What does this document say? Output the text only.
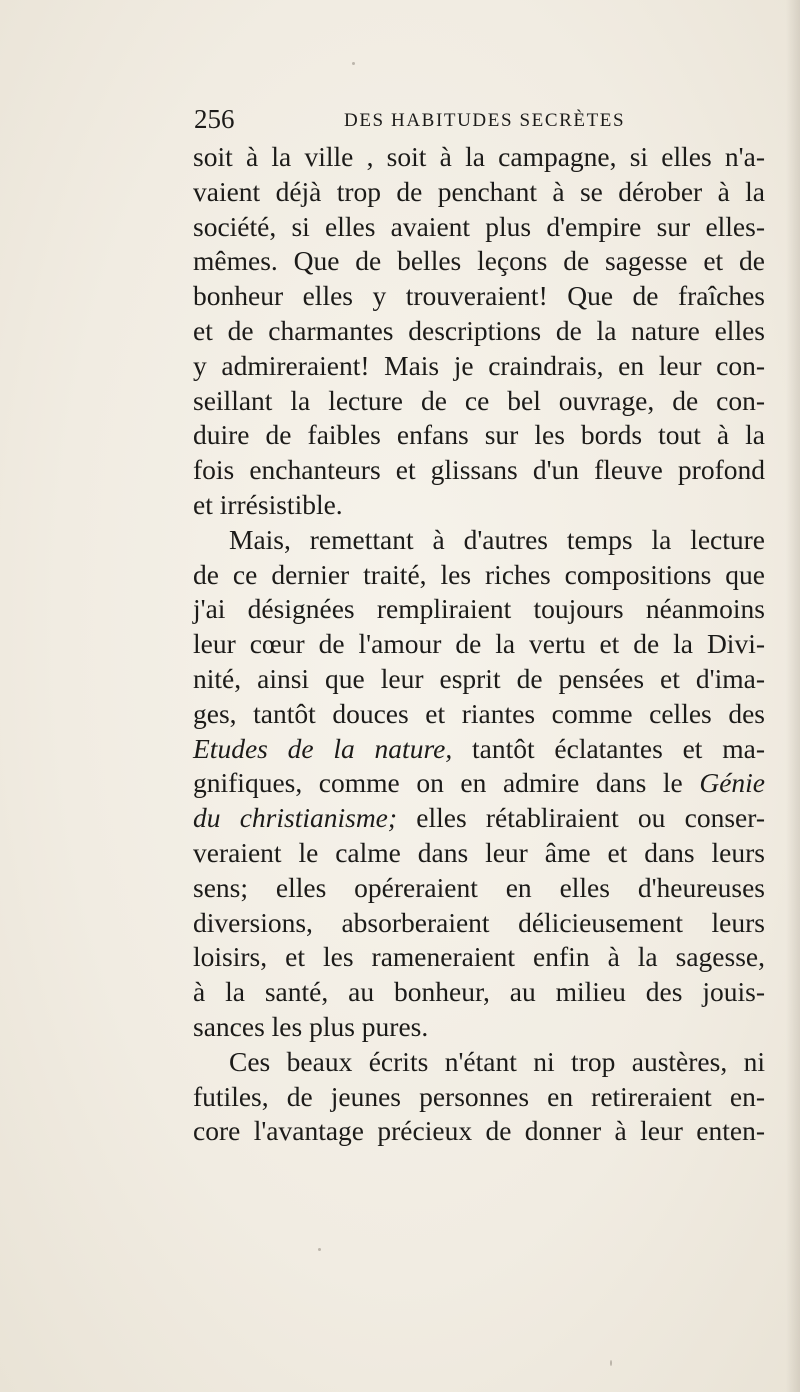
256	DES HABITUDES SECRÈTES
soit à la ville , soit à la campagne, si elles n'a-
vaient déjà trop de penchant à se dérober à la
société, si elles avaient plus d'empire sur elles-
mêmes. Que de belles leçons de sagesse et de
bonheur elles y trouveraient! Que de fraîches
et de charmantes descriptions de la nature elles
y admireraient! Mais je craindrais, en leur con-
seillant la lecture de ce bel ouvrage, de con-
duire de faibles enfans sur les bords tout à la
fois enchanteurs et glissans d'un fleuve profond
et irrésistible.
Mais, remettant à d'autres temps la lecture
de ce dernier traité, les riches compositions que
j'ai désignées rempliraient toujours néanmoins
leur cœur de l'amour de la vertu et de la Divi-
nité, ainsi que leur esprit de pensées et d'ima-
ges, tantôt douces et riantes comme celles des
Etudes de la nature, tantôt éclatantes et ma-
gnifiques, comme on en admire dans le Génie
du christianisme; elles rétabliraient ou conser-
veraient le calme dans leur âme et dans leurs
sens; elles opéreraient en elles d'heureuses
diversions, absorberaient délicieusement leurs
loisirs, et les rameneraient enfin à la sagesse,
à la santé, au bonheur, au milieu des jouis-
sances les plus pures.
Ces beaux écrits n'étant ni trop austères, ni
futiles, de jeunes personnes en retireraient en-
core l'avantage précieux de donner à leur enten-
